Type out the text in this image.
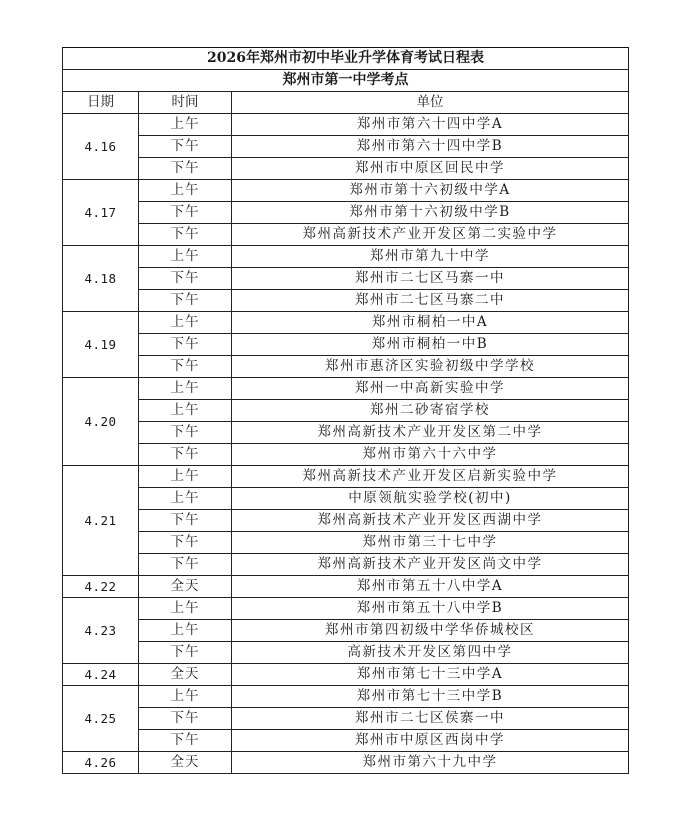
2026年郑州市初中毕业升学体育考试日程表		
郑州市第一中学考点		
日期	时间	单位
4.16	上午	郑州市第六十四中学A
	下午	郑州市第六十四中学B
	下午	郑州市中原区回民中学
4.17	上午	郑州市第十六初级中学A
	下午	郑州市第十六初级中学B
	下午	郑州高新技术产业开发区第二实验中学
4.18	上午	郑州市第九十中学
	下午	郑州市二七区马寨一中
	下午	郑州市二七区马寨二中
4.19	上午	郑州市桐柏一中A
	下午	郑州市桐柏一中B
	下午	郑州市惠济区实验初级中学学校
4.20	上午	郑州一中高新实验中学
	上午	郑州二砂寄宿学校
	下午	郑州高新技术产业开发区第二中学
	下午	郑州市第六十六中学
4.21	上午	郑州高新技术产业开发区启新实验中学
	上午	中原领航实验学校(初中)
	下午	郑州高新技术产业开发区西湖中学
	下午	郑州市第三十七中学
	下午	郑州高新技术产业开发区尚文中学
4.22	全天	郑州市第五十八中学A
4.23	上午	郑州市第五十八中学B
	上午	郑州市第四初级中学华侨城校区
	下午	高新技术开发区第四中学
4.24	全天	郑州市第七十三中学A
4.25	上午	郑州市第七十三中学B
	下午	郑州市二七区侯寨一中
	下午	郑州市中原区西岗中学
4.26	全天	郑州市第六十九中学
